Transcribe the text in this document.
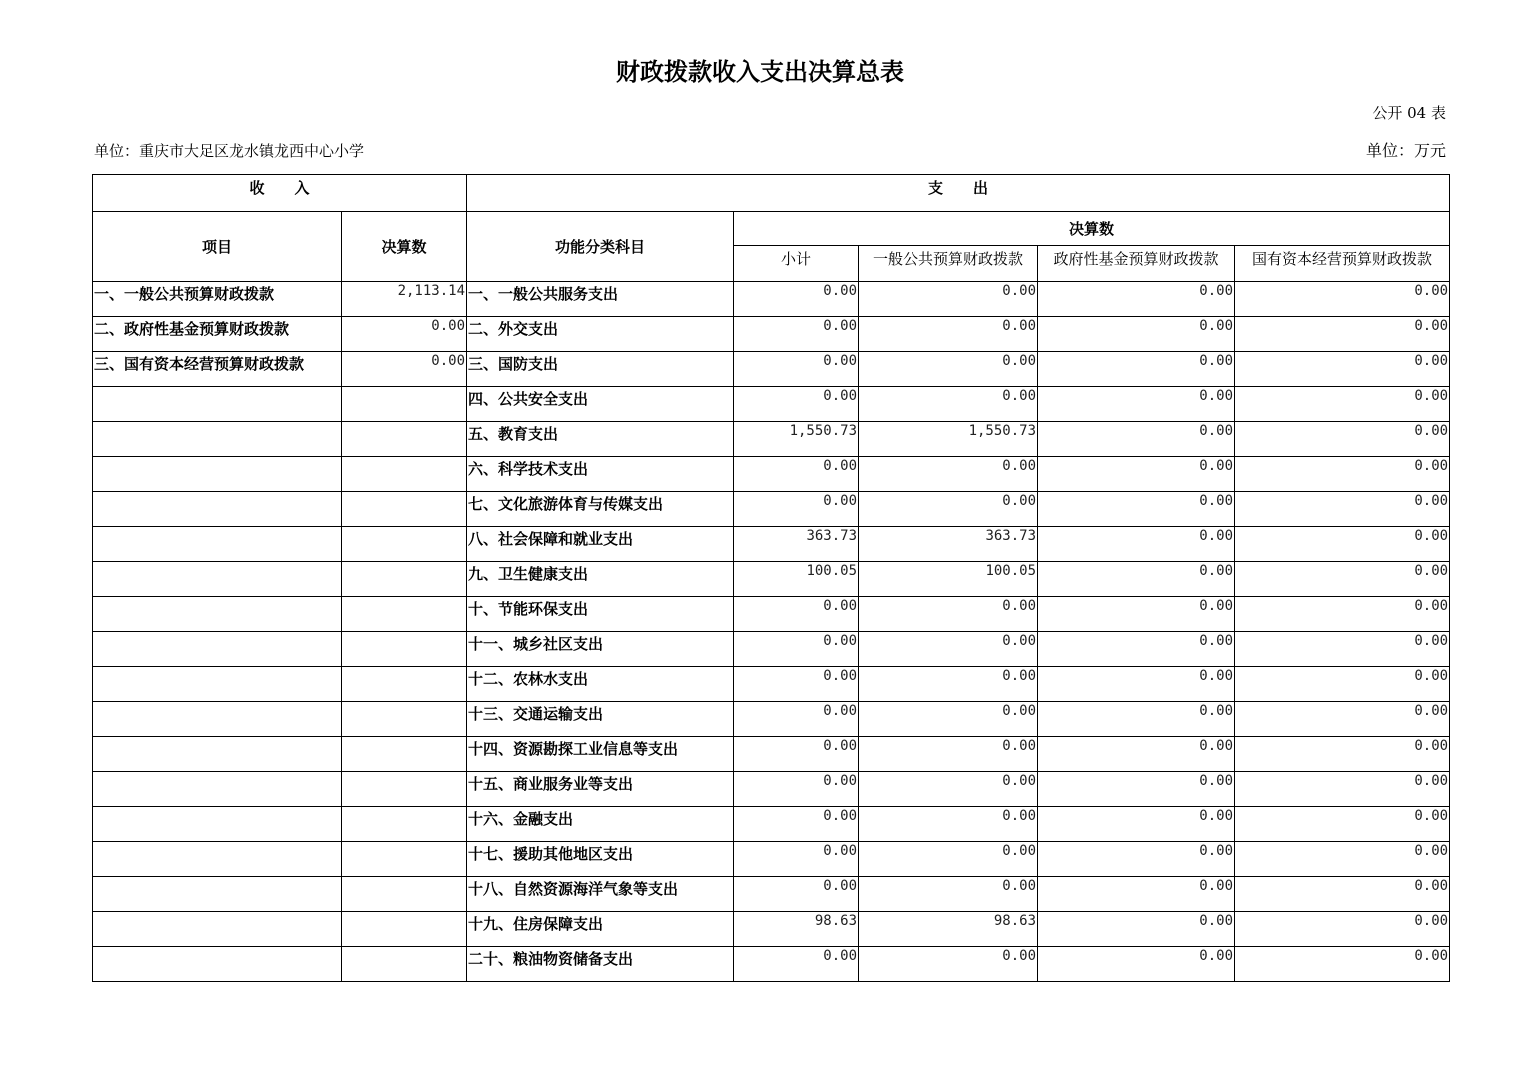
财政拨款收入支出决算总表
公开 04 表
单位：重庆市大足区龙水镇龙西中心小学	单位：万元
收　　入		支　　出				
项目	决算数	功能分类科目	决算数			
			小计	一般公共预算财政拨款	政府性基金预算财政拨款	国有资本经营预算财政拨款
一、一般公共预算财政拨款	2,113.14	一、一般公共服务支出	0.00	0.00	0.00	0.00
二、政府性基金预算财政拨款	0.00	二、外交支出	0.00	0.00	0.00	0.00
三、国有资本经营预算财政拨款	0.00	三、国防支出	0.00	0.00	0.00	0.00
		四、公共安全支出	0.00	0.00	0.00	0.00
		五、教育支出	1,550.73	1,550.73	0.00	0.00
		六、科学技术支出	0.00	0.00	0.00	0.00
		七、文化旅游体育与传媒支出	0.00	0.00	0.00	0.00
		八、社会保障和就业支出	363.73	363.73	0.00	0.00
		九、卫生健康支出	100.05	100.05	0.00	0.00
		十、节能环保支出	0.00	0.00	0.00	0.00
		十一、城乡社区支出	0.00	0.00	0.00	0.00
		十二、农林水支出	0.00	0.00	0.00	0.00
		十三、交通运输支出	0.00	0.00	0.00	0.00
		十四、资源勘探工业信息等支出	0.00	0.00	0.00	0.00
		十五、商业服务业等支出	0.00	0.00	0.00	0.00
		十六、金融支出	0.00	0.00	0.00	0.00
		十七、援助其他地区支出	0.00	0.00	0.00	0.00
		十八、自然资源海洋气象等支出	0.00	0.00	0.00	0.00
		十九、住房保障支出	98.63	98.63	0.00	0.00
		二十、粮油物资储备支出	0.00	0.00	0.00	0.00
